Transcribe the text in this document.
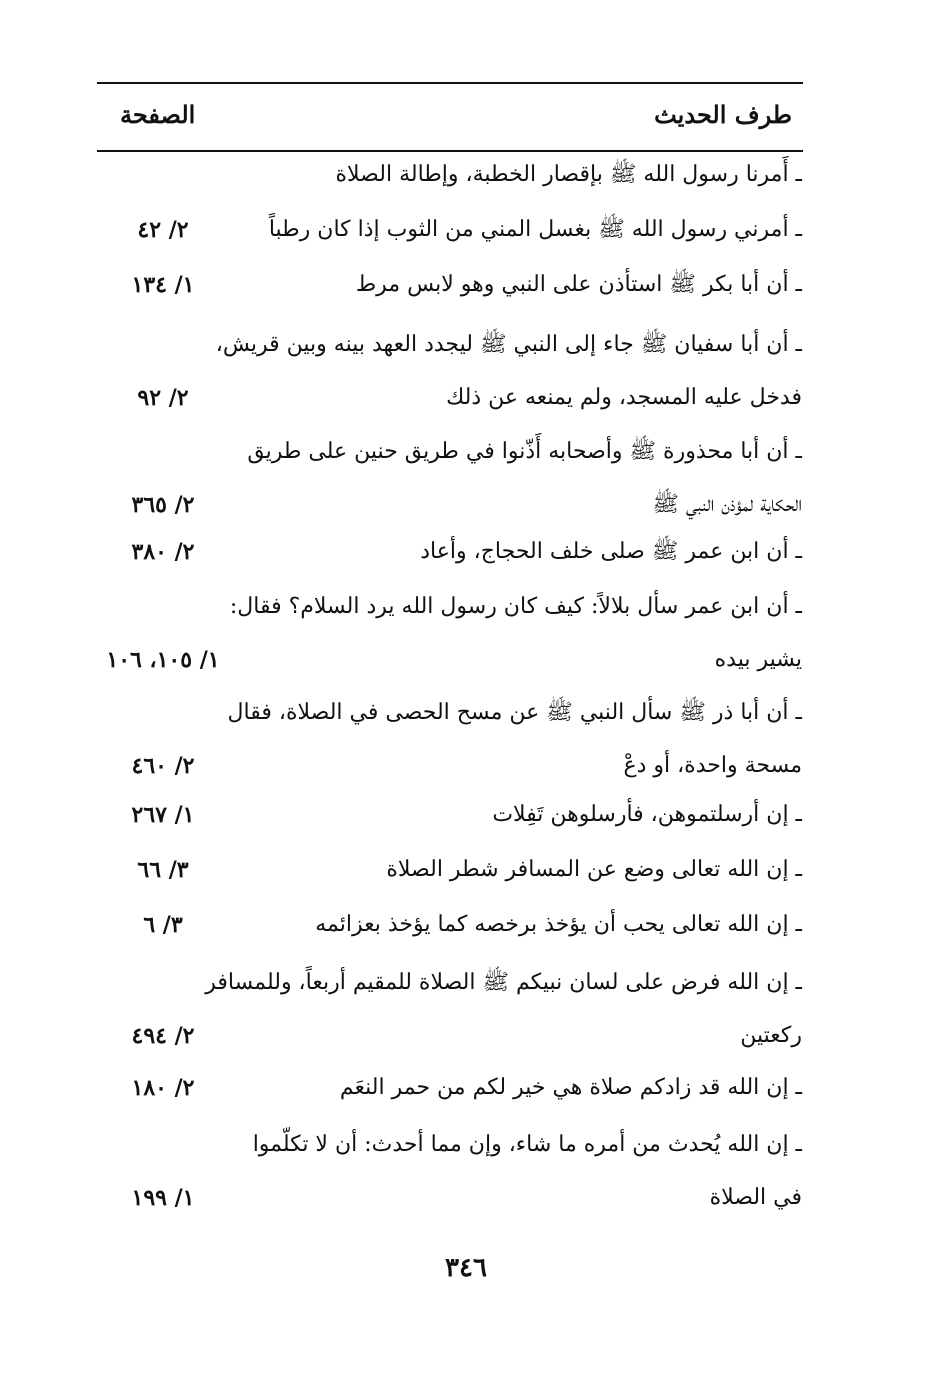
طرف الحديث
الصفحة
ـ أَمرنا رسول الله ﷺ بإقصار الخطبة، وإطالة الصلاة
ـ أمرني رسول الله ﷺ بغسل المني من الثوب إذا كان رطباً
٢/ ٤٢
ـ أن أبا بكر ﷺ استأذن على النبي وهو لابس مرط
١/ ١٣٤
ـ أن أبا سفيان ﷺ جاء إلى النبي ﷺ ليجدد العهد بينه وبين قريش،
فدخل عليه المسجد، ولم يمنعه عن ذلك
٢/ ٩٢
ـ أن أبا محذورة ﷺ وأصحابه أَذّنوا في طريق حنين على طريق
الحكاية لمؤذن النبي ﷺ
٢/ ٣٦٥
ـ أن ابن عمر ﷺ صلى خلف الحجاج، وأعاد
٢/ ٣٨٠
ـ أن ابن عمر سأل بلالاً: كيف كان رسول الله يرد السلام؟ فقال:
يشير بيده
١/ ١٠٥، ١٠٦
ـ أن أبا ذر ﷺ سأل النبي ﷺ عن مسح الحصى في الصلاة، فقال
مسحة واحدة، أو دعْ
٢/ ٤٦٠
ـ إن أرسلتموهن، فأرسلوهن تَفِلات
١/ ٢٦٧
ـ إن الله تعالى وضع عن المسافر شطر الصلاة
٣/ ٦٦
ـ إن الله تعالى يحب أن يؤخذ برخصه كما يؤخذ بعزائمه
٣/ ٦
ـ إن الله فرض على لسان نبيكم ﷺ الصلاة للمقيم أربعاً، وللمسافر
ركعتين
٢/ ٤٩٤
ـ إن الله قد زادكم صلاة هي خير لكم من حمر النعَم
٢/ ١٨٠
ـ إن الله يُحدث من أمره ما شاء، وإن مما أحدث: أن لا تكلّموا
في الصلاة
١/ ١٩٩
٣٤٦
